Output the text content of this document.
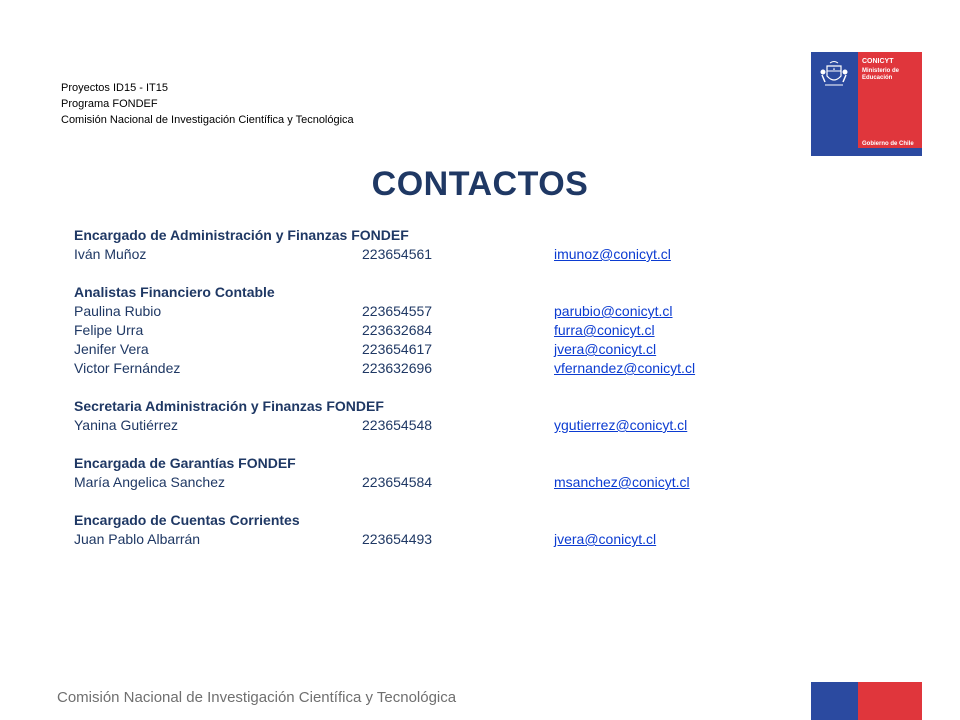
Proyectos ID15 - IT15
Programa FONDEF
Comisión Nacional de Investigación Científica y Tecnológica
CONICYT
Ministerio de
Educación
Gobierno de Chile
CONTACTOS
Encargado de Administración y Finanzas FONDEF
Iván Muñoz	223654561	imunoz@conicyt.cl
Analistas Financiero Contable
Paulina Rubio	223654557	parubio@conicyt.cl
Felipe Urra	223632684	furra@conicyt.cl
Jenifer Vera	223654617	jvera@conicyt.cl
Victor Fernández	223632696	vfernandez@conicyt.cl
Secretaria Administración y Finanzas FONDEF
Yanina Gutiérrez	223654548	ygutierrez@conicyt.cl
Encargada de Garantías FONDEF
María Angelica Sanchez	223654584	msanchez@conicyt.cl
Encargado de Cuentas Corrientes
Juan Pablo Albarrán	223654493	jvera@conicyt.cl
Comisión Nacional de Investigación Científica y Tecnológica
